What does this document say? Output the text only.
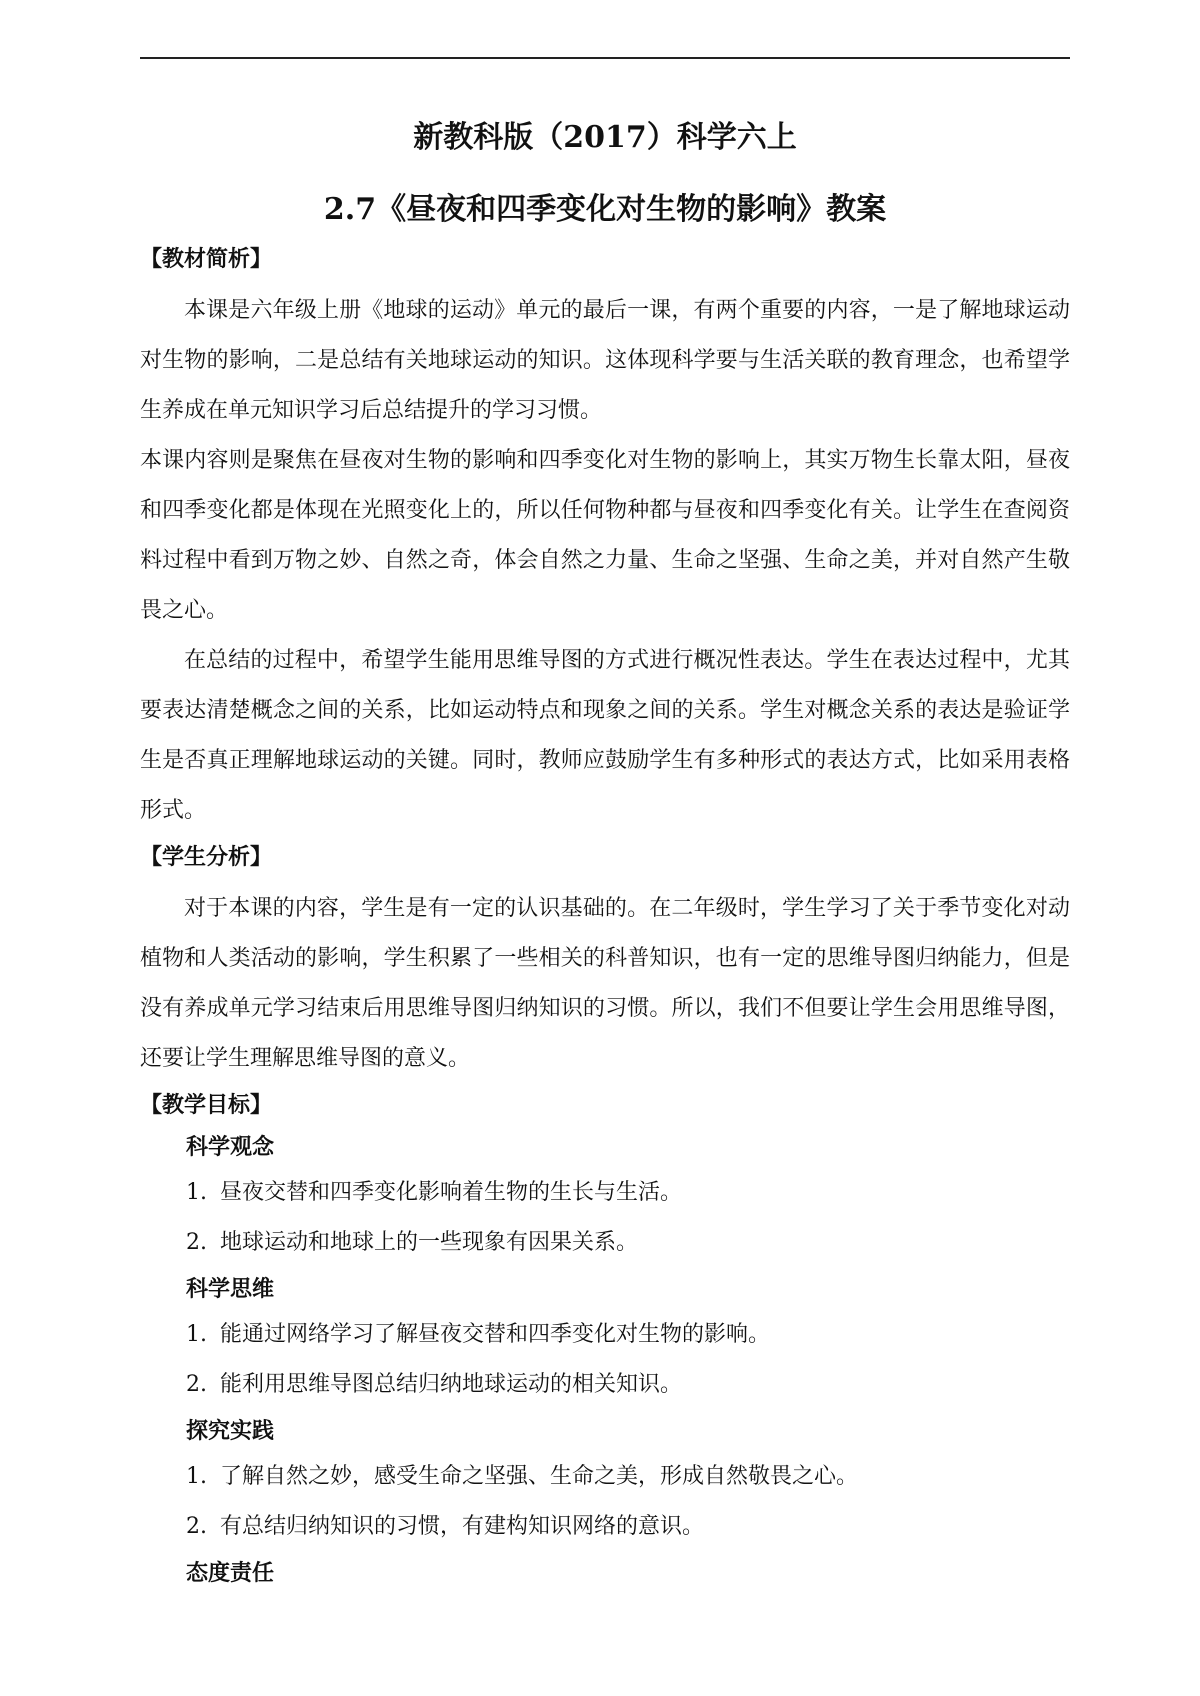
新教科版（2017）科学六上
2.7《昼夜和四季变化对生物的影响》教案
【教材简析】

本课是六年级上册《地球的运动》单元的最后一课，有两个重要的内容，一是了解地球运动对生物的影响，二是总结有关地球运动的知识。这体现科学要与生活关联的教育理念，也希望学生养成在单元知识学习后总结提升的学习习惯。

本课内容则是聚焦在昼夜对生物的影响和四季变化对生物的影响上，其实万物生长靠太阳，昼夜和四季变化都是体现在光照变化上的，所以任何物种都与昼夜和四季变化有关。让学生在查阅资料过程中看到万物之妙、自然之奇，体会自然之力量、生命之坚强、生命之美，并对自然产生敬畏之心。

在总结的过程中，希望学生能用思维导图的方式进行概况性表达。学生在表达过程中，尤其要表达清楚概念之间的关系，比如运动特点和现象之间的关系。学生对概念关系的表达是验证学生是否真正理解地球运动的关键。同时，教师应鼓励学生有多种形式的表达方式，比如采用表格形式。

【学生分析】

对于本课的内容，学生是有一定的认识基础的。在二年级时，学生学习了关于季节变化对动植物和人类活动的影响，学生积累了一些相关的科普知识，也有一定的思维导图归纳能力，但是没有养成单元学习结束后用思维导图归纳知识的习惯。所以，我们不但要让学生会用思维导图，还要让学生理解思维导图的意义。

【教学目标】
科学观念
1. 昼夜交替和四季变化影响着生物的生长与生活。
2. 地球运动和地球上的一些现象有因果关系。
科学思维
1. 能通过网络学习了解昼夜交替和四季变化对生物的影响。
2. 能利用思维导图总结归纳地球运动的相关知识。
探究实践
1. 了解自然之妙，感受生命之坚强、生命之美，形成自然敬畏之心。
2. 有总结归纳知识的习惯，有建构知识网络的意识。
态度责任
